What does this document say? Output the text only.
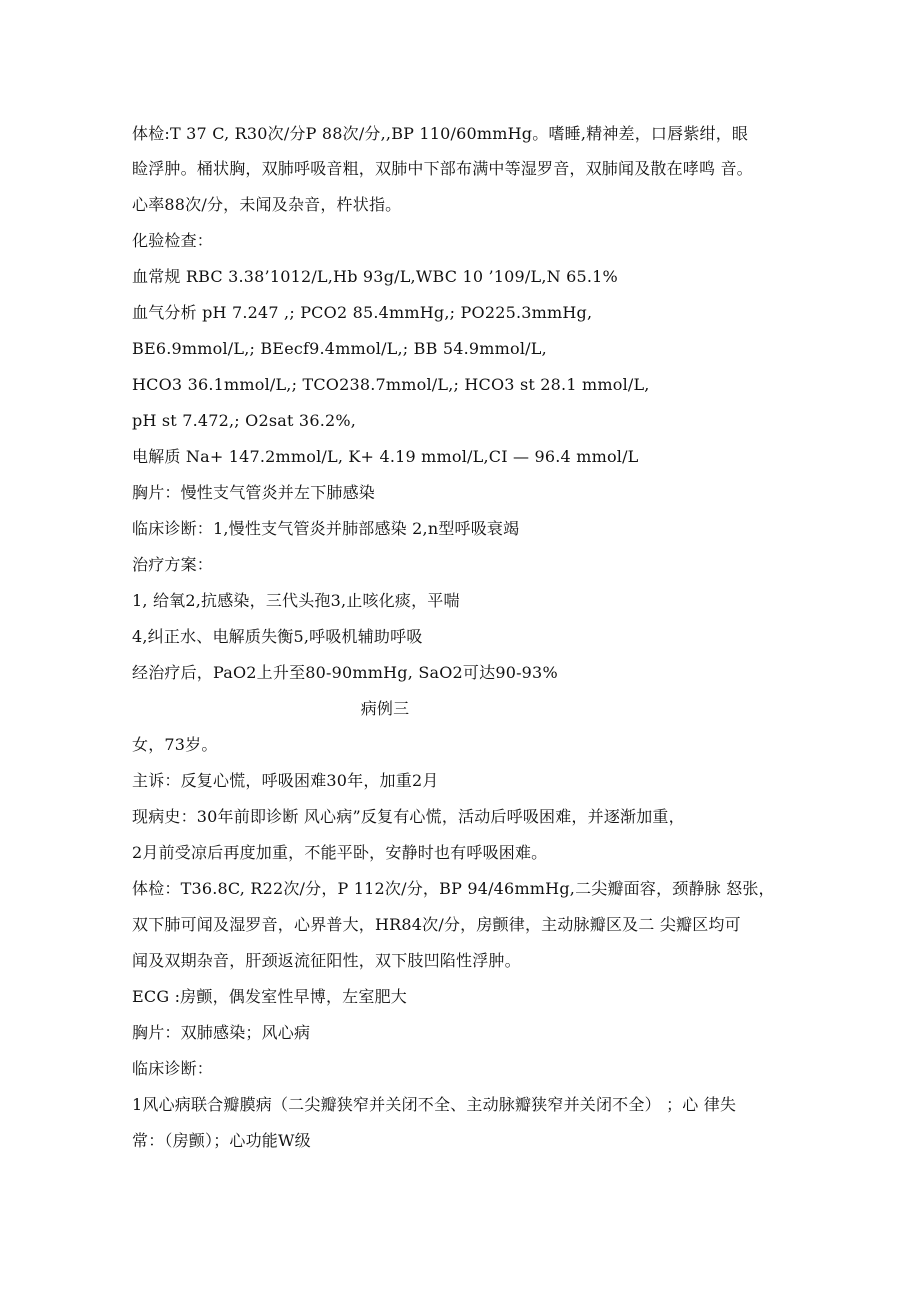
体检:T 37 C, R30次/分P 88次/分,,BP 110/60mmHg。嗜睡,精神差，口唇紫绀，眼
睑浮肿。桶状胸，双肺呼吸音粗，双肺中下部布满中等湿罗音，双肺闻及散在哮鸣 音。
心率88次/分，未闻及杂音，杵状指。
化验检查：
血常规 RBC 3.38’1012/L,Hb 93g/L,WBC 10 ’109/L,N 65.1%
血气分析 pH 7.247 ,; PCO2 85.4mmHg,; PO225.3mmHg,
BE6.9mmol/L,; BEecf9.4mmol/L,; BB 54.9mmol/L,
HCO3 36.1mmol/L,; TCO238.7mmol/L,; HCO3 st 28.1 mmol/L,
pH st 7.472,; O2sat 36.2%,
电解质 Na+ 147.2mmol/L, K+ 4.19 mmol/L,CI — 96.4 mmol/L
胸片：慢性支气管炎并左下肺感染
临床诊断：1,慢性支气管炎并肺部感染 2,n型呼吸衰竭
治疗方案：
1, 给氧2,抗感染，三代头孢3,止咳化痰，平喘
4,纠正水、电解质失衡5,呼吸机辅助呼吸
经治疗后，PaO2上升至80-90mmHg, SaO2可达90-93%
病例三
女，73岁。
主诉：反复心慌，呼吸困难30年，加重2月
现病史：30年前即诊断 风心病”反复有心慌，活动后呼吸困难，并逐渐加重，
2月前受凉后再度加重，不能平卧，安静时也有呼吸困难。
体检：T36.8C, R22次/分，P 112次/分，BP 94/46mmHg,二尖瓣面容，颈静脉 怒张，
双下肺可闻及湿罗音，心界普大，HR84次/分，房颤律，主动脉瓣区及二 尖瓣区均可
闻及双期杂音，肝颈返流征阳性，双下肢凹陷性浮肿。
ECG :房颤，偶发室性早博，左室肥大
胸片：双肺感染；风心病
临床诊断：
1风心病联合瓣膜病（二尖瓣狭窄并关闭不全、主动脉瓣狭窄并关闭不全） ；心 律失
常：（房颤）；心功能W级
